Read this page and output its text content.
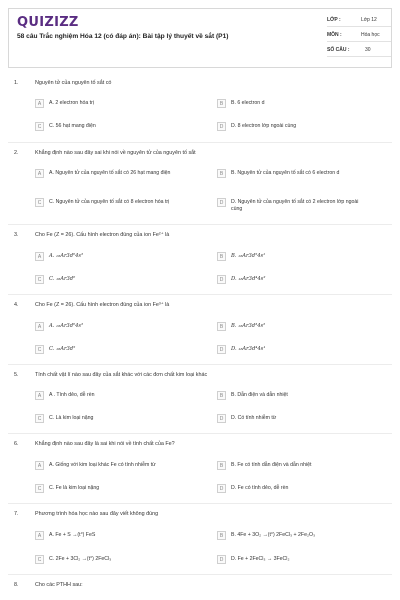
QUIZIZZ
58 câu Trắc nghiệm Hóa 12 (có đáp án): Bài tập lý thuyết về sắt (P1)
LỚP :	Lớp 12
MÔN :	Hóa học
SỐ CÂU :	30
1.	Nguyên tử của nguyên tố sắt có
A	A. 2 electron hóa trị	B	B. 6 electron d
C	C. 56 hạt mang điện	D	D. 8 electron lớp ngoài cùng
2.	Khẳng định nào sau đây sai khi nói về nguyên tử của nguyên tố sắt
A	A. Nguyên tử của nguyên tố sắt có 26 hạt mang điện	B	B. Nguyên tử của nguyên tố sắt có 6 electron d
C	C. Nguyên tử của nguyên tố sắt có 8 electron hóa trị	D	D. Nguyên tử của nguyên tố sắt có 2 electron lớp ngoài cùng
3.	Cho Fe (Z = 26). Cấu hình electron đúng của ion Fe²⁺ là
A	A. ₁₈Ar3d⁶4s²	B	B. ₁₈Ar3d⁵4s¹
C	C. ₁₈Ar3d⁶	D	D. ₁₈Ar3d⁴4s²
4.	Cho Fe (Z = 26). Cấu hình electron đúng của ion Fe³⁺ là
A	A. ₁₈Ar3d⁶4s²	B	B. ₁₈Ar3d³4s²
C	C. ₁₈Ar3d⁵	D	D. ₁₈Ar3d⁴4s¹
5.	Tính chất vật lí nào sau đây của sắt khác với các đơn chất kim loại khác
A	A . Tính dẻo, dễ rèn	B	B. Dẫn điện và dẫn nhiệt
C	C. Là kim loại nặng	D	D. Có tính nhiễm từ
6.	Khẳng định nào sau đây là sai khi nói về tính chất của Fe?
A	A. Giống với kim loại khác Fe có tính nhiễm từ	B	B. Fe có tính dẫn điện và dẫn nhiệt
C	C. Fe là kim loại nặng	D	D. Fe có tính dẻo, dễ rèn
7.	Phương trình hóa học nào sau đây viết không đúng
A	A. Fe + S →(t°) FeS	B	B. 4Fe + 3O₂ →(t°) 2FeCl₃ + 2Fe₂O₃
C	C. 2Fe + 3Cl₂ →(t°) 2FeCl₃	D	D. Fe + 2FeCl₃ → 3FeCl₂
8.	Cho các PTHH sau:
